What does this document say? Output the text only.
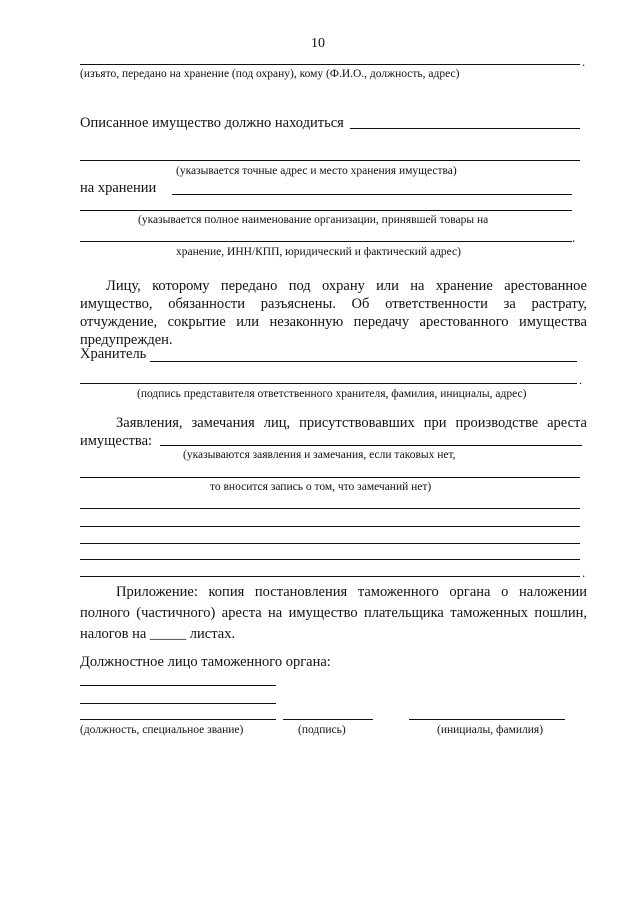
10
.
(изъято, передано на хранение (под охрану), кому (Ф.И.О., должность, адрес)
Описанное имущество должно находиться
(указывается точные адрес и место хранения имущества)
на хранении
(указывается полное наименование организации, принявшей товары на
.
хранение, ИНН/КПП, юридический и фактический адрес)
Лицу, которому передано под охрану или на хранение арестованное
имущество, обязанности разъяснены. Об ответственности за растрату,
отчуждение, сокрытие или незаконную передачу арестованного имущества
предупрежден.
Хранитель
.
(подпись представителя ответственного хранителя, фамилия, инициалы, адрес)
Заявления, замечания лиц, присутствовавших при производстве ареста
имущества:
(указываются заявления и замечания, если таковых нет,
то вносится запись о том, что замечаний нет)
.
Приложение: копия постановления таможенного органа о наложении
полного (частичного) ареста на имущество плательщика таможенных пошлин,
налогов на _____ листах.
Должностное лицо таможенного органа:
(должность, специальное звание)	(подпись)	(инициалы, фамилия)
